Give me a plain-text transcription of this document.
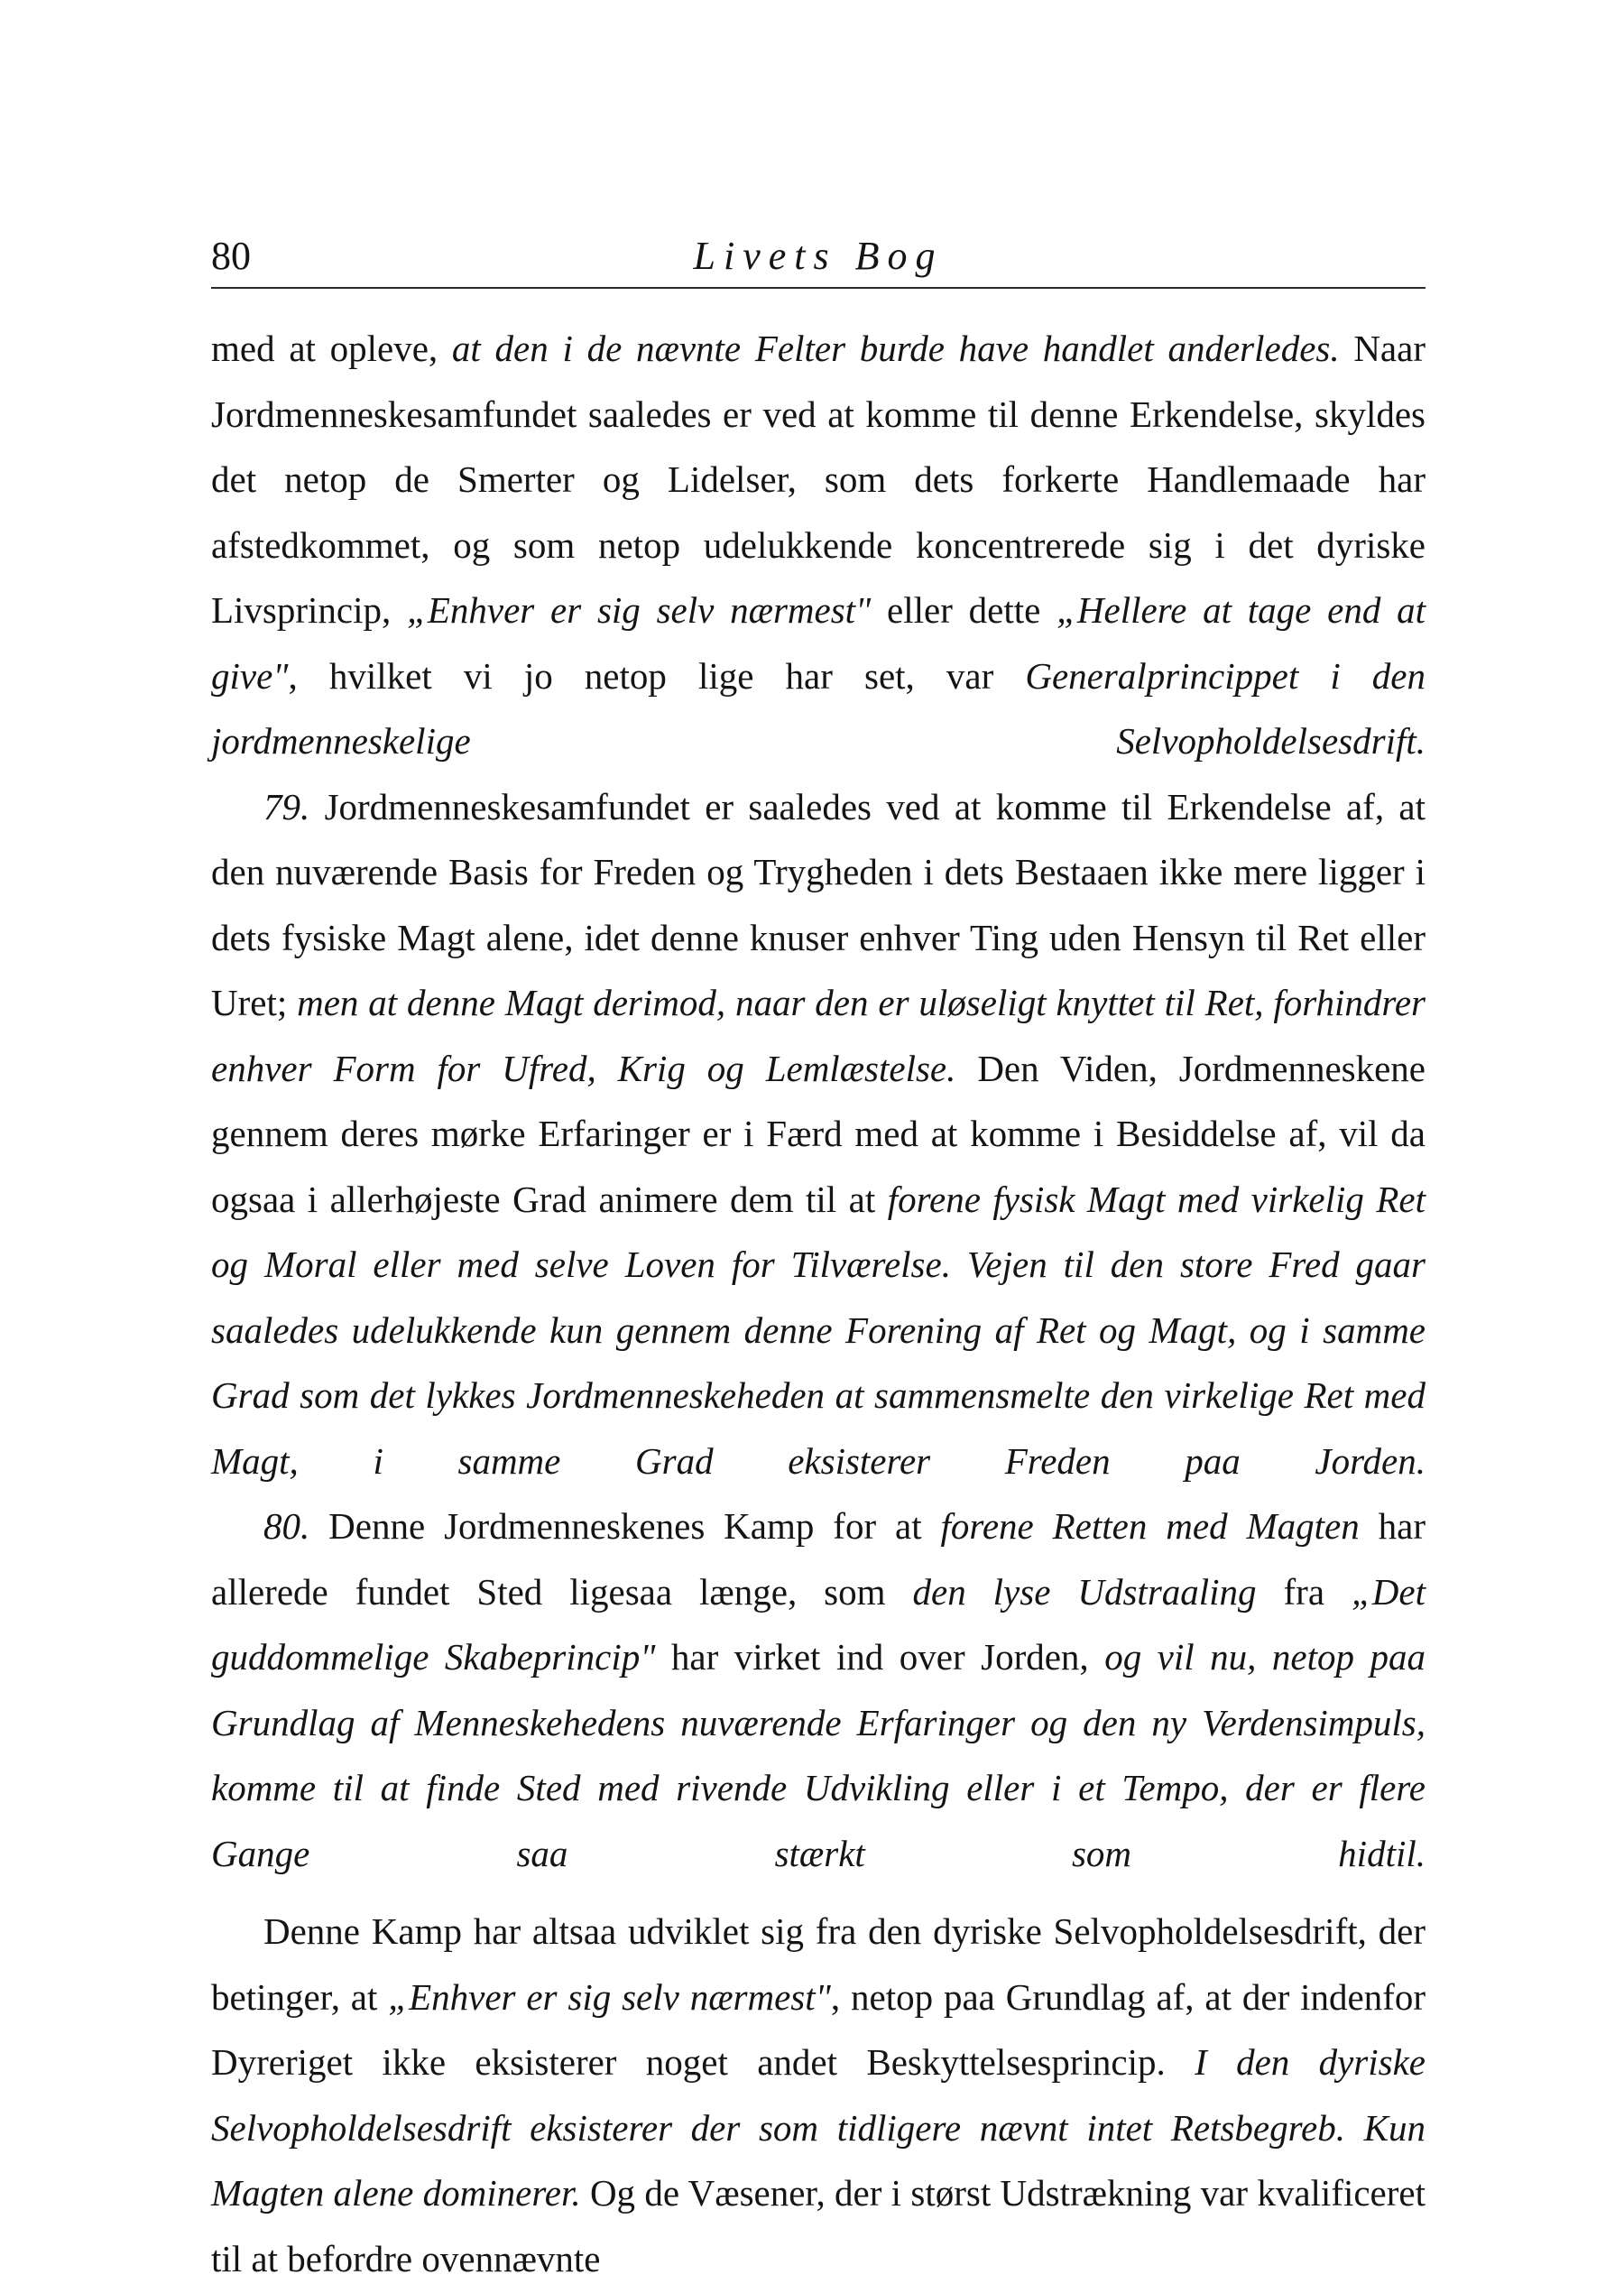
80	Livets Bog

med at opleve, at den i de nævnte Felter burde have handlet anderledes. Naar Jordmenneskesamfundet saaledes er ved at komme til denne Erkendelse, skyldes det netop de Smerter og Lidelser, som dets forkerte Handlemaade har afstedkommet, og som netop udelukkende koncentrerede sig i det dyriske Livsprincip, „Enhver er sig selv nærmest" eller dette „Hellere at tage end at give", hvilket vi jo netop lige har set, var Generalprincippet i den jordmenneskelige Selvopholdelsesdrift.

79. Jordmenneskesamfundet er saaledes ved at komme til Erkendelse af, at den nuværende Basis for Freden og Trygheden i dets Bestaaen ikke mere ligger i dets fysiske Magt alene, idet denne knuser enhver Ting uden Hensyn til Ret eller Uret; men at denne Magt derimod, naar den er uløseligt knyttet til Ret, forhindrer enhver Form for Ufred, Krig og Lemlæstelse. Den Viden, Jordmenneskene gennem deres mørke Erfaringer er i Færd med at komme i Besiddelse af, vil da ogsaa i allerhøjeste Grad animere dem til at forene fysisk Magt med virkelig Ret og Moral eller med selve Loven for Tilværelse. Vejen til den store Fred gaar saaledes udelukkende kun gennem denne Forening af Ret og Magt, og i samme Grad som det lykkes Jordmenneskeheden at sammensmelte den virkelige Ret med Magt, i samme Grad eksisterer Freden paa Jorden.

80. Denne Jordmenneskenes Kamp for at forene Retten med Magten har allerede fundet Sted ligesaa længe, som den lyse Udstraaling fra „Det guddommelige Skabeprincip" har virket ind over Jorden, og vil nu, netop paa Grundlag af Menneskehedens nuværende Erfaringer og den ny Verdensimpuls, komme til at finde Sted med rivende Udvikling eller i et Tempo, der er flere Gange saa stærkt som hidtil.

Denne Kamp har altsaa udviklet sig fra den dyriske Selvopholdelsesdrift, der betinger, at „Enhver er sig selv nærmest", netop paa Grundlag af, at der indenfor Dyreriget ikke eksisterer noget andet Beskyttelsesprincip. I den dyriske Selvopholdelsesdrift eksisterer der som tidligere nævnt intet Retsbegreb. Kun Magten alene dominerer. Og de Væsener, der i størst Udstrækning var kvalificeret til at befordre ovennævnte
